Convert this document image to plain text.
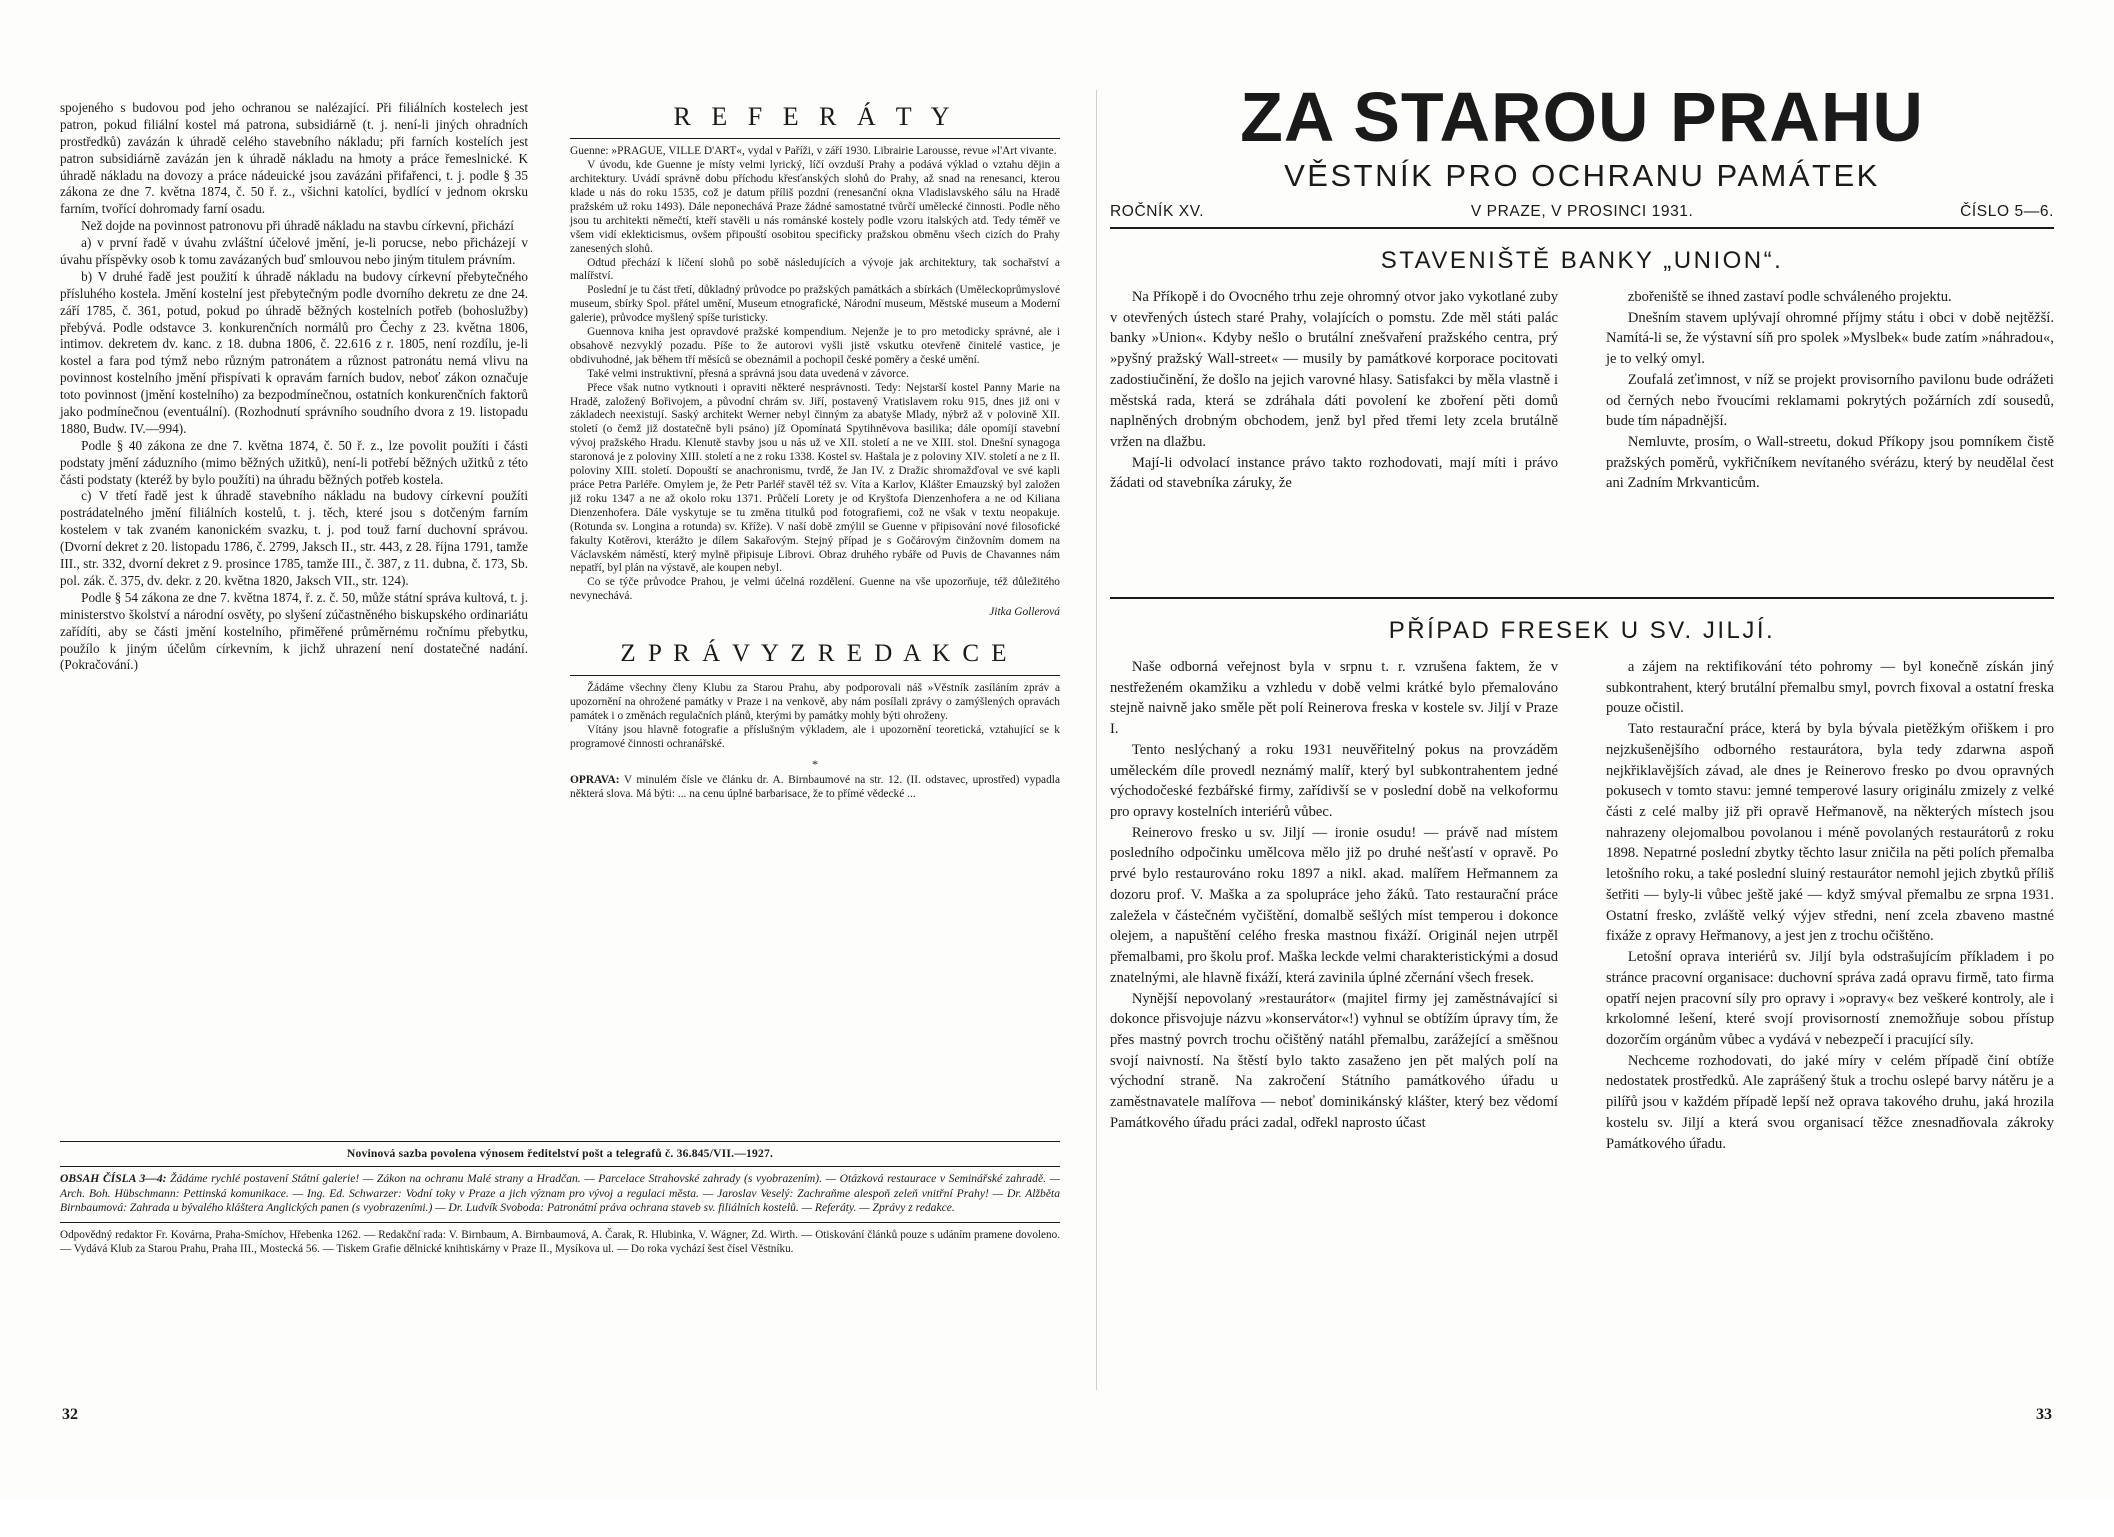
spojeného s budovou pod jeho ochranou se nalézající. Při filiálních kostelech jest patron, pokud filiální kostel má patrona, subsidiárně (t. j. není-li jiných ohradních prostředků) zavázán k úhradě celého stavebního nákladu; při farních kostelích jest patron subsidiárně zavázán jen k úhradě nákladu na hmoty a práce řemeslnické. K úhradě nákladu na dovozy a práce nádeuické jsou zavázáni přifařenci, t. j. podle § 35 zákona ze dne 7. května 1874, č. 50 ř. z., všichni katolíci, bydlící v jednom okrsku farním, tvořící dohromady farní osadu.

Než dojde na povinnost patronovu při úhradě nákladu na stavbu církevní, přichází

a) v první řadě v úvahu zvláštní účelové jmění, je-li porucse, nebo přicházejí v úvahu příspěvky osob k tomu zavázaných buď smlouvou nebo jiným titulem právním.

b) V druhé řadě jest použití k úhradě nákladu na budovy církevní přebytečného přísluhého kostela. Jmění kostelní jest přebytečným podle dvorního dekretu ze dne 24. září 1785, č. 361, potud, pokud po úhradě běžných kostelních potřeb (bohoslužby) přebývá. Podle odstavce 3. konkurenčních normálů pro Čechy z 23. května 1806, intimov. dekretem dv. kanc. z 18. dubna 1806, č. 22.616 z r. 1805, není rozdílu, je-li kostel a fara pod týmž nebo různým patronátem a různost patronátu nemá vlivu na povinnost kostelního jmění přispívati k opravám farních budov, neboť zákon označuje toto povinnost (jmění kostelního) za bezpodmínečnou, ostatních konkurenčních faktorů jako podmínečnou (eventuální). (Rozhodnutí správního soudního dvora z 19. listopadu 1880, Budw. IV.—994).

Podle § 40 zákona ze dne 7. května 1874, č. 50 ř. z., lze povolit použíti i části podstaty jmění záduzního (mimo běžných užitků), není-li potřebí běžných užitků z této části podstaty (kteréž by bylo použíti) na úhradu běžných potřeb kostela.

c) V třetí řadě jest k úhradě stavebního nákladu na budovy církevní použíti postrádatelného jmění filiálních kostelů, t. j. těch, které jsou s dotčeným farním kostelem v tak zvaném kanonickém svazku, t. j. pod touž farní duchovní správou. (Dvorní dekret z 20. listopadu 1786, č. 2799, Jaksch II., str. 443, z 28. října 1791, tamže III., str. 332, dvorní dekret z 9. prosince 1785, tamže III., č. 387, z 11. dubna, č. 173, Sb. pol. zák. č. 375, dv. dekr. z 20. května 1820, Jaksch VII., str. 124).

Podle § 54 zákona ze dne 7. května 1874, ř. z. č. 50, může státní správa kultová, t. j. ministerstvo školství a národní osvěty, po slyšení zúčastněného biskupského ordinariátu zařídíti, aby se části jmění kostelního, přiměřené průměrnému ročnímu přebytku, použílo k jiným účelům církevním, k jichž uhrazení není dostatečné nadání. (Pokračování.)

R E F E R Á T Y

Guenne: »PRAGUE, VILLE D'ART«, vydal v Paříži, v září 1930. Librairie Larousse, revue »l'Art vivante.

V úvodu, kde Guenne je místy velmi lyrický, líčí ovzduší Prahy a podává výklad o vztahu dějin a architektury. Uvádí správně dobu příchodu křesťanských slohů do Prahy, až snad na renesanci, kterou klade u nás do roku 1535, což je datum příliš pozdní (renesanční okna Vladislavského sálu na Hradě pražském už roku 1493). Dále neponechává Praze žádné samostatné tvůrčí umělecké činnosti. Podle něho jsou tu architekti němečtí, kteří stavěli u nás románské kostely podle vzoru italských atd. Tedy téměř ve všem vidí eklekticismus, ovšem připouští osobitou specificky pražskou obměnu všech cizích do Prahy zanesených slohů.

Odtud přechází k líčení slohů po sobě následujících a vývoje jak architektury, tak sochařství a malířství.

Poslední je tu část třetí, důkladný průvodce po pražských památkách a sbírkách (Uměleckoprůmyslové museum, sbírky Spol. přátel umění, Museum etnografické, Národní museum, Městské museum a Moderní galerie), průvodce myšlený spíše turisticky.

Guennova kniha jest opravdové pražské kompendium. Nejenže je to pro metodicky správné, ale i obsahově nezvyklý pozadu. Píše to že autorovi vyšli jistě vskutku otevřeně činitelé vastice, je obdivuhodné, jak během tří měsíců se obeznámil a pochopil české poměry a české umění.

Také velmi instruktivní, přesná a správná jsou data uvedená v závorce.

Přece však nutno vytknouti i opraviti některé nesprávnosti. Tedy: Nejstarší kostel Panny Marie na Hradě, založený Bořivojem, a původní chrám sv. Jiří, postavený Vratislavem roku 915, dnes již oni v základech neexistují. Saský architekt Werner nebyl činným za abatyše Mlady, nýbrž až v polovině XII. století (o čemž již dostatečně byli psáno) jíž Opomínatá Spytihněvova basilika; dále opomíjí stavební vývoj pražského Hradu. Klenutě stavby jsou u nás už ve XII. století a ne ve XIII. stol. Dnešní synagoga staronová je z poloviny XIII. století a ne z roku 1338. Kostel sv. Haštala je z poloviny XIV. století a ne z II. poloviny XIII. století. Dopouští se anachronismu, tvrdě, že Jan IV. z Dražic shromažďoval ve své kapli práce Petra Parléře. Omylem je, že Petr Parléř stavěl též sv. Víta a Karlov, Klášter Emauzský byl založen již roku 1347 a ne až okolo roku 1371. Průčelí Lorety je od Kryštofa Dienzenhofera a ne od Kiliana Dienzenhofera. Dále vyskytuje se tu změna titulků pod fotografiemi, což ne však v textu neopakuje. (Rotunda sv. Longina a rotunda) sv. Kříže). V naší době zmýlil se Guenne v připisování nové filosofické fakulty Kotěrovi, kterážto je dílem Sakařovým. Stejný případ je s Gočárovým činžovním domem na Václavském náměstí, který mylně připisuje Librovi. Obraz druhého rybáře od Puvis de Chavannes nám nepatří, byl plán na výstavě, ale koupen nebyl.

Co se týče průvodce Prahou, je velmi účelná rozdělení. Guenne na vše upozorňuje, též důležitého nevynechává.

Jitka Gollerová
Z P R Á V Y Z R E D A K C E

Žádáme všechny členy Klubu za Starou Prahu, aby podporovali náš »Věstník zasíláním zpráv a upozornění na ohrožené památky v Praze i na venkově, aby nám posílali zprávy o zamýšlených opravách památek i o změnách regulačních plánů, kterými by památky mohly býti ohroženy.

Vítány jsou hlavně fotografie a příslušným výkladem, ale i upozornění teoretická, vztahující se k programové činnosti ochranářské.

*

OPRAVA: V minulém čísle ve článku dr. A. Birnbaumové na str. 12. (II. odstavec, uprostřed) vypadla některá slova. Má býti: ... na cenu úplné barbarisace, že to přímé vědecké ...

Novinová sazba povolena výnosem ředitelství pošt a telegrafů č. 36.845/VII.—1927.
OBSAH ČÍSLA 3—4: Žádáme rychlé postavení Státní galerie! — Zákon na ochranu Malé strany a Hradčan. — Parcelace Strahovské zahrady (s vyobrazením). — Otázková restaurace v Seminářské zahradě. — Arch. Boh. Hübschmann: Pettinská komunikace. — Ing. Ed. Schwarzer: Vodní toky v Praze a jich význam pro vývoj a regulaci města. — Jaroslav Veselý: Zachraňme alespoň zeleň vnitřní Prahy! — Dr. Alžběta Birnbaumová: Zahrada u bývalého kláštera Anglických panen (s vyobrazeními.) — Dr. Ludvík Svoboda: Patronátní práva ochrana staveb sv. filiálních kostelů. — Referáty. — Zprávy z redakce.
Odpovědný redaktor Fr. Kovárna, Praha-Smíchov, Hřebenka 1262. — Redakční rada: V. Birnbaum, A. Birnbaumová, A. Čarak, R. Hlubinka, V. Wágner, Zd. Wirth. — Otiskování článků pouze s udáním pramene dovoleno. — Vydává Klub za Starou Prahu, Praha III., Mostecká 56. — Tiskem Grafie dělnické knihtiskárny v Praze II., Mysíkova ul. — Do roka vychází šest čísel Věstníku.
ZA STAROU PRAHU
VĚSTNÍK PRO OCHRANU PAMÁTEK
ROČNÍK XV.	V PRAZE, V PROSINCI 1931.	ČÍSLO 5—6.
STAVENIŠTĚ BANKY „UNION“.

Na Příkopě i do Ovocného trhu zeje ohromný otvor jako vykotlané zuby v otevřených ústech staré Prahy, volajících o pomstu. Zde měl státi palác banky »Union«. Kdyby nešlo o brutální znešvaření pražského centra, prý »pyšný pražský Wall-street« — musily by památkové korporace pocitovati zadostiučinění, že došlo na jejich varovné hlasy. Satisfakci by měla vlastně i městská rada, která se zdráhala dáti povolení ke zboření pěti domů naplněných drobným obchodem, jenž byl před třemi lety zcela brutálně vržen na dlažbu.

Mají-li odvolací instance právo takto rozhodovati, mají míti i právo žádati od stavebníka záruky, že

zbořeniště se ihned zastaví podle schváleného projektu.

Dnešním stavem uplývají ohromné příjmy státu i obci v době nejtěžší. Namítá-li se, že výstavní síň pro spolek »Myslbek« bude zatím »náhradou«, je to velký omyl.

Zoufalá zeťimnost, v níž se projekt provisorního pavilonu bude odrážeti od černých nebo řvoucími reklamami pokrytých požárních zdí sousedů, bude tím nápadnější.

Nemluvte, prosím, o Wall-streetu, dokud Příkopy jsou pomníkem čistě pražských poměrů, vykřičníkem nevítaného svérázu, který by neudělal čest ani Zadním Mrkvanticům.

PŘÍPAD FRESEK U SV. JILJÍ.

Naše odborná veřejnost byla v srpnu t. r. vzrušena faktem, že v nestřeženém okamžiku a vzhledu v době velmi krátké bylo přemalováno stejně naivně jako směle pět polí Reinerova freska v kostele sv. Jiljí v Praze I.

Tento neslýchaný a roku 1931 neuvěřitelný pokus na provzáděm uměleckém díle provedl neznámý malíř, který byl subkontrahentem jedné východočeské fezbářské firmy, zařídivší se v poslední době na velkoformu pro opravy kostelních interiérů vůbec.

Reinerovo fresko u sv. Jiljí — ironie osudu! — právě nad místem posledního odpočinku umělcova mělo již po druhé nešťastí v opravě. Po prvé bylo restaurováno roku 1897 a nikl. akad. malířem Heřmannem za dozoru prof. V. Maška a za spolupráce jeho žáků. Tato restaurační práce zaležela v částečném vyčištění, domalbě sešlých míst temperou i dokonce olejem, a napuštění celého freska mastnou fixáží. Originál nejen utrpěl přemalbami, pro školu prof. Maška leckde velmi charakteristickými a dosud znatelnými, ale hlavně fixáží, která zavinila úplné zčernání všech fresek.

Nynější nepovolaný »restaurátor« (majitel firmy jej zaměstnávající si dokonce přisvojuje názvu »konservátor«!) vyhnul se obtížím úpravy tím, že přes mastný povrch trochu očištěný natáhl přemalbu, zarážející a směšnou svojí naivností. Na štěstí bylo takto zasaženo jen pět malých polí na východní straně. Na zakročení Státního památkového úřadu u zaměstnavatele malířova — neboť dominikánský klášter, který bez vědomí Památkového úřadu práci zadal, odřekl naprosto účast

a zájem na rektifikování této pohromy — byl konečně získán jiný subkontrahent, který brutální přemalbu smyl, povrch fixoval a ostatní freska pouze očistil.

Tato restaurační práce, která by byla bývala pietěžkým ořiškem i pro nejzkušenějšího odborného restaurátora, byla tedy zdarwna aspoň nejkřiklavějších závad, ale dnes je Reinerovo fresko po dvou opravných pokusech v tomto stavu: jemné temperové lasury originálu zmizely z velké části z celé malby již při opravě Heřmanově, na některých místech jsou nahrazeny olejomalbou povolanou i méně povolaných restaurátorů z roku 1898. Nepatrné poslední zbytky těchto lasur zničila na pěti polích přemalba letošního roku, a také poslední sluiný restaurátor nemohl jejich zbytků příliš šetřiti — byly-li vůbec ještě jaké — když smýval přemalbu ze srpna 1931. Ostatní fresko, zvláště velký výjev středni, není zcela zbaveno mastné fixáže z opravy Heřmanovy, a jest jen z trochu očištěno.

Letošní oprava interiérů sv. Jiljí byla odstrašujícím příkladem i po stránce pracovní organisace: duchovní správa zadá opravu firmě, tato firma opatří nejen pracovní síly pro opravy i »opravy« bez veškeré kontroly, ale i krkolomné lešení, které svojí provisorností znemožňuje sobou přístup dozorčím orgánům vůbec a vydává v nebezpečí i pracující síly.

Nechceme rozhodovati, do jaké míry v celém případě činí obtíže nedostatek prostředků. Ale zaprášený štuk a trochu oslepé barvy nátěru je a pilířů jsou v každém případě lepší než oprava takového druhu, jaká hrozila kostelu sv. Jiljí a která svou organisací těžce znesnadňovala zákroky Památkového úřadu.

32	33
